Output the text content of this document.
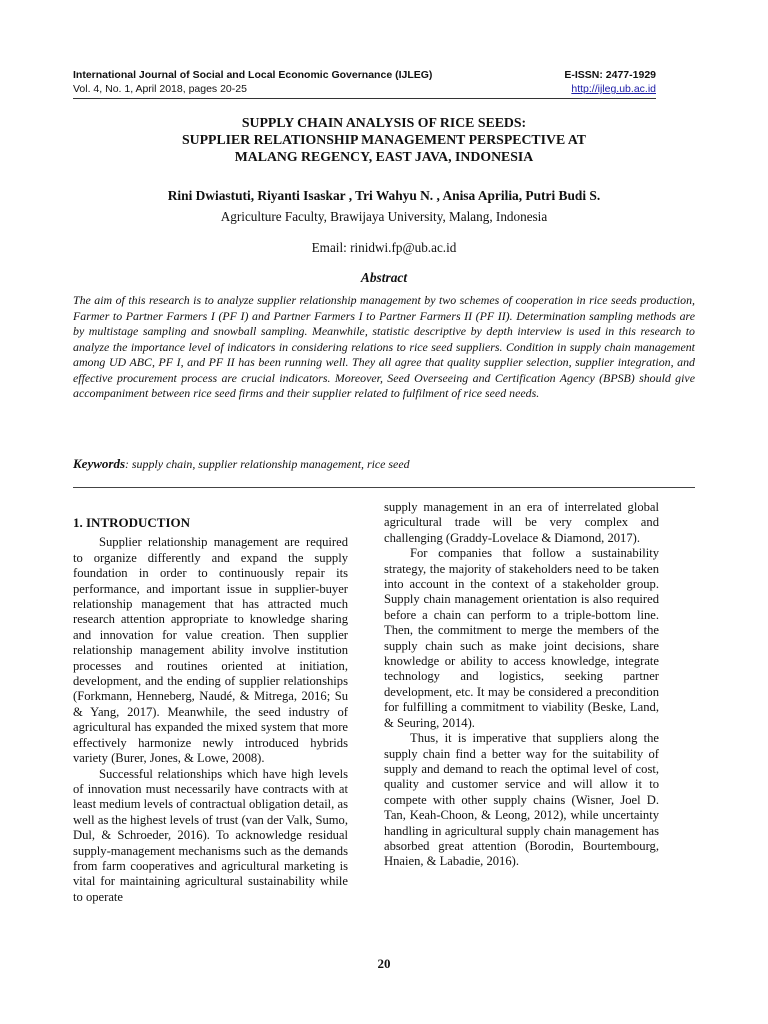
International Journal of Social and Local Economic Governance (IJLEG)	E-ISSN: 2477-1929
Vol. 4, No. 1, April 2018, pages 20-25	http://ijleg.ub.ac.id
SUPPLY CHAIN ANALYSIS OF RICE SEEDS:
SUPPLIER RELATIONSHIP MANAGEMENT PERSPECTIVE AT
MALANG REGENCY, EAST JAVA, INDONESIA
Rini Dwiastuti, Riyanti Isaskar , Tri Wahyu N. , Anisa Aprilia, Putri Budi S.
Agriculture Faculty, Brawijaya University, Malang, Indonesia
Email: rinidwi.fp@ub.ac.id
Abstract
The aim of this research is to analyze supplier relationship management by two schemes of cooperation in rice seeds production, Farmer to Partner Farmers I (PF I) and Partner Farmers I to Partner Farmers II (PF II). Determination sampling methods are by multistage sampling and snowball sampling. Meanwhile, statistic descriptive by depth interview is used in this research to analyze the importance level of indicators in considering relations to rice seed suppliers. Condition in supply chain management among UD ABC, PF I, and PF II has been running well. They all agree that quality supplier selection, supplier integration, and effective procurement process are crucial indicators. Moreover, Seed Overseeing and Certification Agency (BPSB) should give accompaniment between rice seed firms and their supplier related to fulfilment of rice seed needs.
Keywords: supply chain, supplier relationship management, rice seed
1. INTRODUCTION

Supplier relationship management are required to organize differently and expand the supply foundation in order to continuously repair its performance, and important issue in supplier-buyer relationship management that has attracted much research attention appropriate to knowledge sharing and innovation for value creation. Then supplier relationship management ability involve institution processes and routines oriented at initiation, development, and the ending of supplier relationships (Forkmann, Henneberg, Naudé, & Mitrega, 2016; Su & Yang, 2017). Meanwhile, the seed industry of agricultural has expanded the mixed system that more effectively harmonize newly introduced hybrids variety (Burer, Jones, & Lowe, 2008).

Successful relationships which have high levels of innovation must necessarily have contracts with at least medium levels of contractual obligation detail, as well as the highest levels of trust (van der Valk, Sumo, Dul, & Schroeder, 2016). To acknowledge residual supply-management mechanisms such as the demands from farm cooperatives and agricultural marketing is vital for maintaining agricultural sustainability while to operate

supply management in an era of interrelated global agricultural trade will be very complex and challenging (Graddy-Lovelace & Diamond, 2017).

For companies that follow a sustainability strategy, the majority of stakeholders need to be taken into account in the context of a stakeholder group. Supply chain management orientation is also required before a chain can perform to a triple-bottom line. Then, the commitment to merge the members of the supply chain such as make joint decisions, share knowledge or ability to access knowledge, integrate technology and logistics, seeking partner development, etc. It may be considered a precondition for fulfilling a commitment to viability (Beske, Land, & Seuring, 2014).

Thus, it is imperative that suppliers along the supply chain find a better way for the suitability of supply and demand to reach the optimal level of cost, quality and customer service and will allow it to compete with other supply chains (Wisner, Joel D. Tan, Keah-Choon, & Leong, 2012), while uncertainty handling in agricultural supply chain management has absorbed great attention (Borodin, Bourtembourg, Hnaien, & Labadie, 2016).

20
